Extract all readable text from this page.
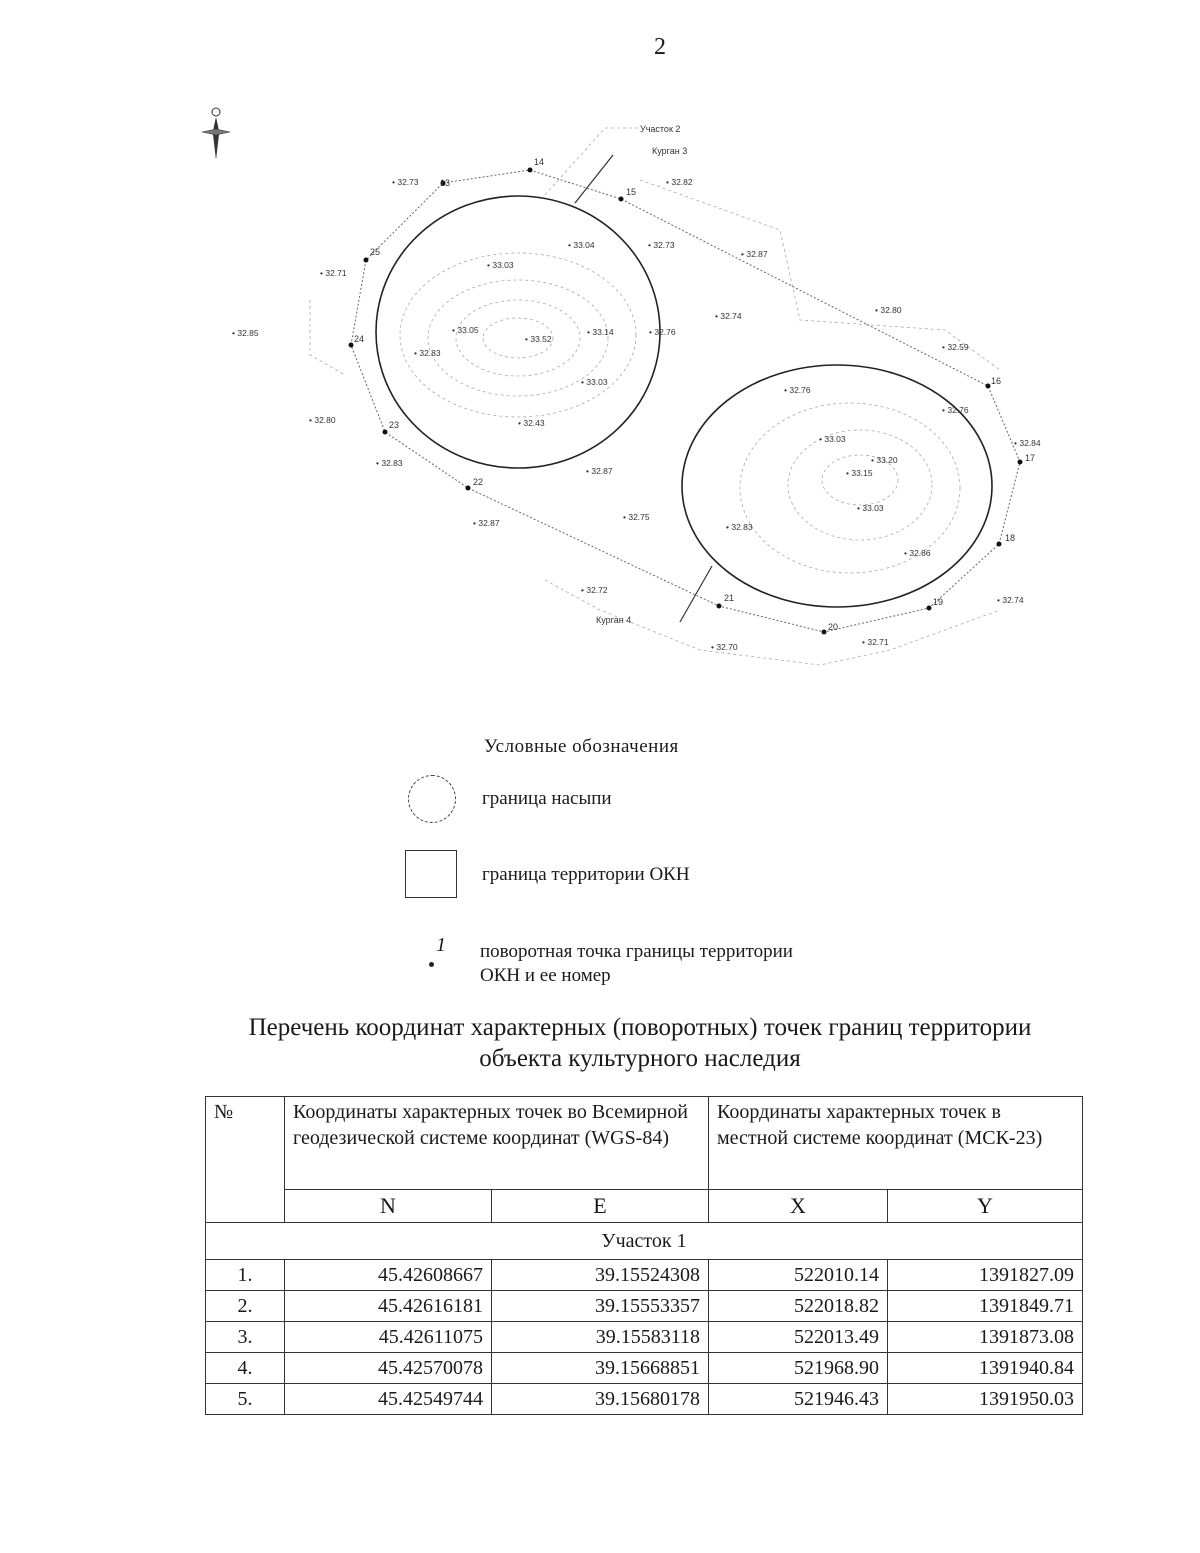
2
Участок 2
Курган 3
Курган 4
13
14
15
16
17
18
19
20
21
22
23
24
25
• 32.73	• 32.82
• 33.04	• 32.73
• 32.87
• 32.71
• 33.03
• 32.80
• 32.85	• 33.05
• 33.52
• 33.14	• 32.76
• 32.74
• 32.59
• 32.83
• 33.03
• 32.80	• 32.43
• 32.76
• 32.76
• 32.84
• 32.83
• 32.87
• 33.03
• 33.20
• 33.15
• 33.03
• 32.75
• 32.83
• 32.87
• 32.86
• 32.72
• 32.74
• 32.70	• 32.71
Условные обозначения
граница насыпи
граница территории ОКН
1 поворотная точка границы территории
ОКН и ее номер
Перечень координат характерных (поворотных) точек границ территории
объекта культурного наследия
№	Координаты характерных точек во Всемирной геодезической системе координат (WGS-84)		Координаты характерных точек в местной системе координат (МСК-23)	
	N	E	X	Y
Участок 1				
1.	45.42608667	39.15524308	522010.14	1391827.09
2.	45.42616181	39.15553357	522018.82	1391849.71
3.	45.42611075	39.15583118	522013.49	1391873.08
4.	45.42570078	39.15668851	521968.90	1391940.84
5.	45.42549744	39.15680178	521946.43	1391950.03
